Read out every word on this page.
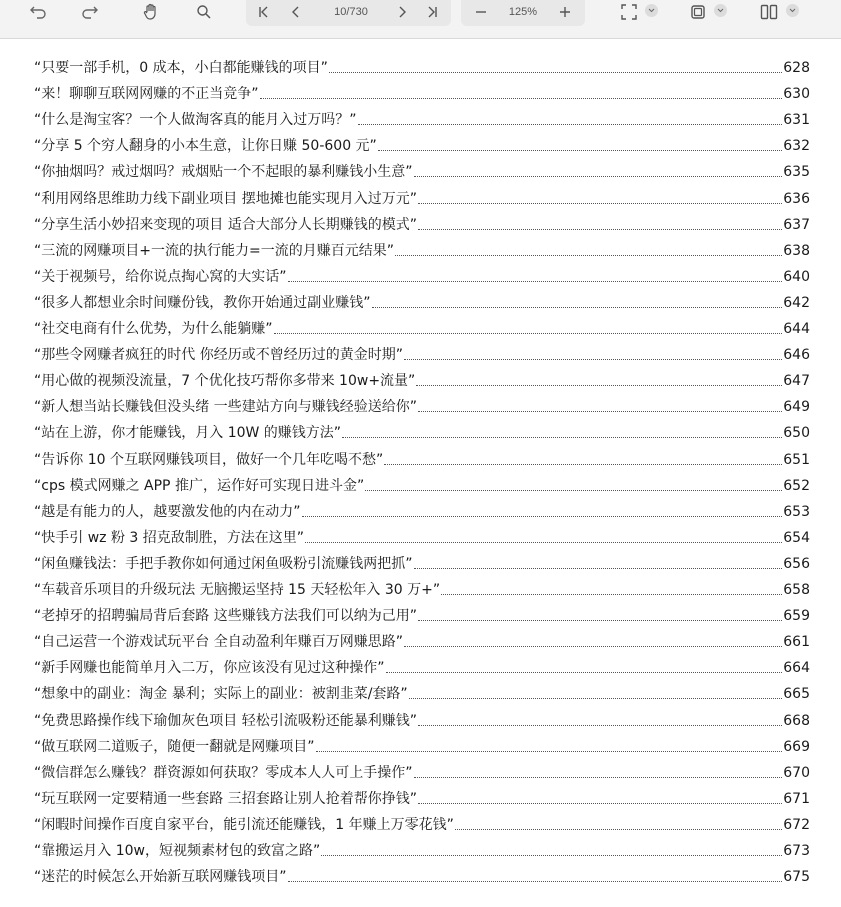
10/730	125%
“只要一部手机，0 成本，小白都能赚钱的项目”	628
“来！聊聊互联网网赚的不正当竞争”	630
“什么是淘宝客？一个人做淘客真的能月入过万吗？”	631
“分享 5 个穷人翻身的小本生意，让你日赚 50-600 元”	632
“你抽烟吗？戒过烟吗？戒烟贴一个不起眼的暴利赚钱小生意”	635
“利用网络思维助力线下副业项目 摆地摊也能实现月入过万元”	636
“分享生活小妙招来变现的项目 适合大部分人长期赚钱的模式”	637
“三流的网赚项目+一流的执行能力=一流的月赚百元结果”	638
“关于视频号，给你说点掏心窝的大实话”	640
“很多人都想业余时间赚份钱，教你开始通过副业赚钱”	642
“社交电商有什么优势，为什么能躺赚”	644
“那些令网赚者疯狂的时代 你经历或不曾经历过的黄金时期”	646
“用心做的视频没流量，7 个优化技巧帮你多带来 10w+流量”	647
“新人想当站长赚钱但没头绪 一些建站方向与赚钱经验送给你”	649
“站在上游，你才能赚钱，月入 10W 的赚钱方法”	650
“告诉你 10 个互联网赚钱项目，做好一个几年吃喝不愁”	651
“cps 模式网赚之 APP 推广，运作好可实现日进斗金”	652
“越是有能力的人，越要激发他的内在动力”	653
“快手引 wz 粉 3 招克敌制胜，方法在这里”	654
“闲鱼赚钱法：手把手教你如何通过闲鱼吸粉引流赚钱两把抓”	656
“车载音乐项目的升级玩法 无脑搬运坚持 15 天轻松年入 30 万+”	658
“老掉牙的招聘骗局背后套路 这些赚钱方法我们可以纳为己用”	659
“自己运营一个游戏试玩平台 全自动盈利年赚百万网赚思路”	661
“新手网赚也能简单月入二万，你应该没有见过这种操作”	664
“想象中的副业：淘金 暴利；实际上的副业：被割韭菜/套路”	665
“免费思路操作线下瑜伽灰色项目 轻松引流吸粉还能暴利赚钱”	668
“做互联网二道贩子，随便一翻就是网赚项目”	669
“微信群怎么赚钱？群资源如何获取？零成本人人可上手操作”	670
“玩互联网一定要精通一些套路 三招套路让别人抢着帮你挣钱”	671
“闲暇时间操作百度自家平台，能引流还能赚钱，1 年赚上万零花钱”	672
“靠搬运月入 10w，短视频素材包的致富之路”	673
“迷茫的时候怎么开始新互联网赚钱项目”	675
